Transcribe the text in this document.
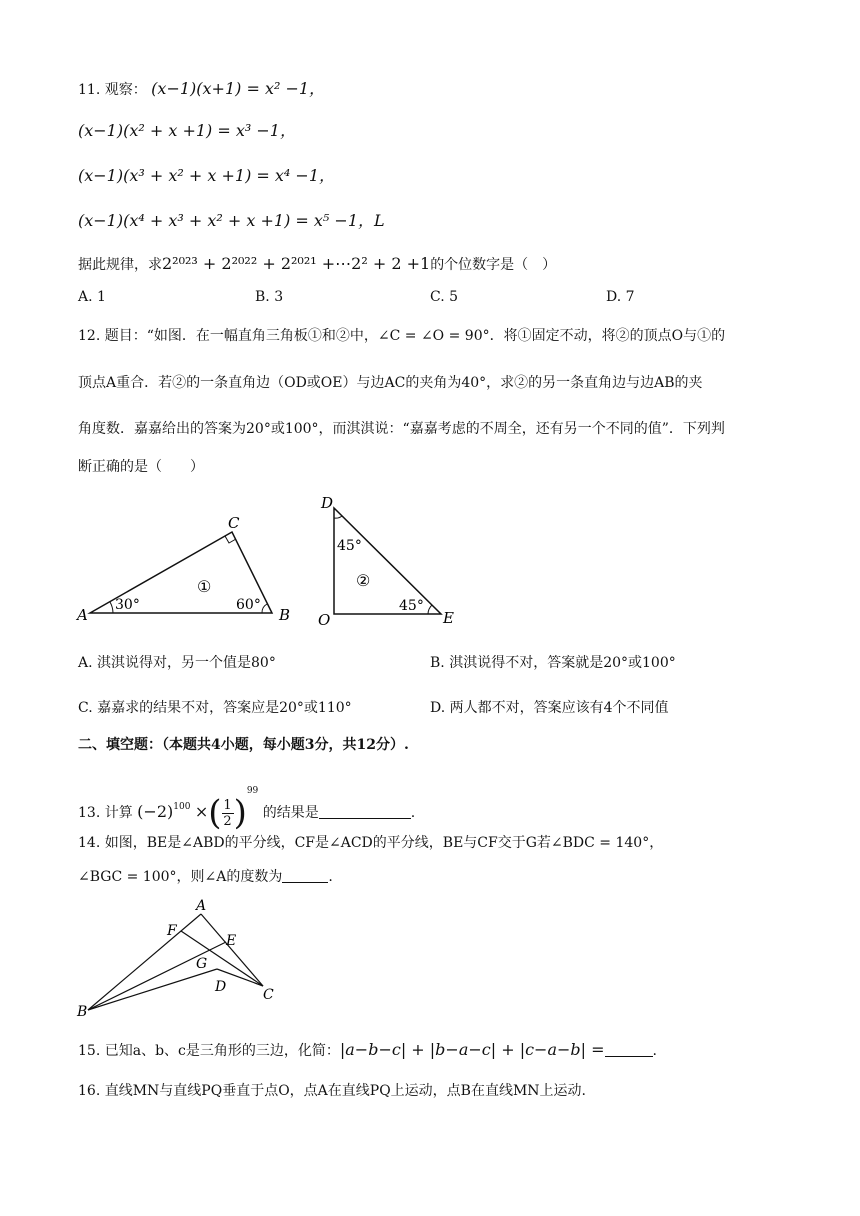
11. 观察： (x−1)(x+1) = x² −1，
(x−1)(x² + x +1) = x³ −1，
(x−1)(x³ + x² + x +1) = x⁴ −1，
(x−1)(x⁴ + x³ + x² + x +1) = x⁵ −1，L
据此规律，求2²⁰²³ + 2²⁰²² + 2²⁰²¹ +⋯2² + 2 +1的个位数字是（　）
A. 1	B. 3	C. 5	D. 7
12. 题目：“如图．在一幅直角三角板①和②中，∠C = ∠O = 90°．将①固定不动，将②的顶点O与①的
顶点A重合．若②的一条直角边（OD或OE）与边AC的夹角为40°，求②的另一条直角边与边AB的夹
角度数．嘉嘉给出的答案为20°或100°，而淇淇说：“嘉嘉考虑的不周全，还有另一个不同的值”．下列判
断正确的是（　　）
A	B
C
30°	60°
①
D
O	E
45°
45°
②
A. 淇淇说得对，另一个值是80°	B. 淇淇说得不对，答案就是20°或100°
C. 嘉嘉求的结果不对，答案应是20°或110°	D. 两人都不对，答案应该有4个不同值
二、填空题：（本题共4小题，每小题3分，共12分）.
13. 计算 $(-2)^{100}$ ×( $\frac{1}{2} )^{99}$ 的结果是	.
14. 如图，BE是∠ABD的平分线，CF是∠ACD的平分线，BE与CF交于G若∠BDC = 140°，
∠BGC = 100°，则∠A的度数为	.
A
F
E
G
D
B
C
15. 已知a、b、c是三角形的三边，化简：|a−b−c| + |b−a−c| + |c−a−b| =	.
16. 直线MN与直线PQ垂直于点O，点A在直线PQ上运动，点B在直线MN上运动.
